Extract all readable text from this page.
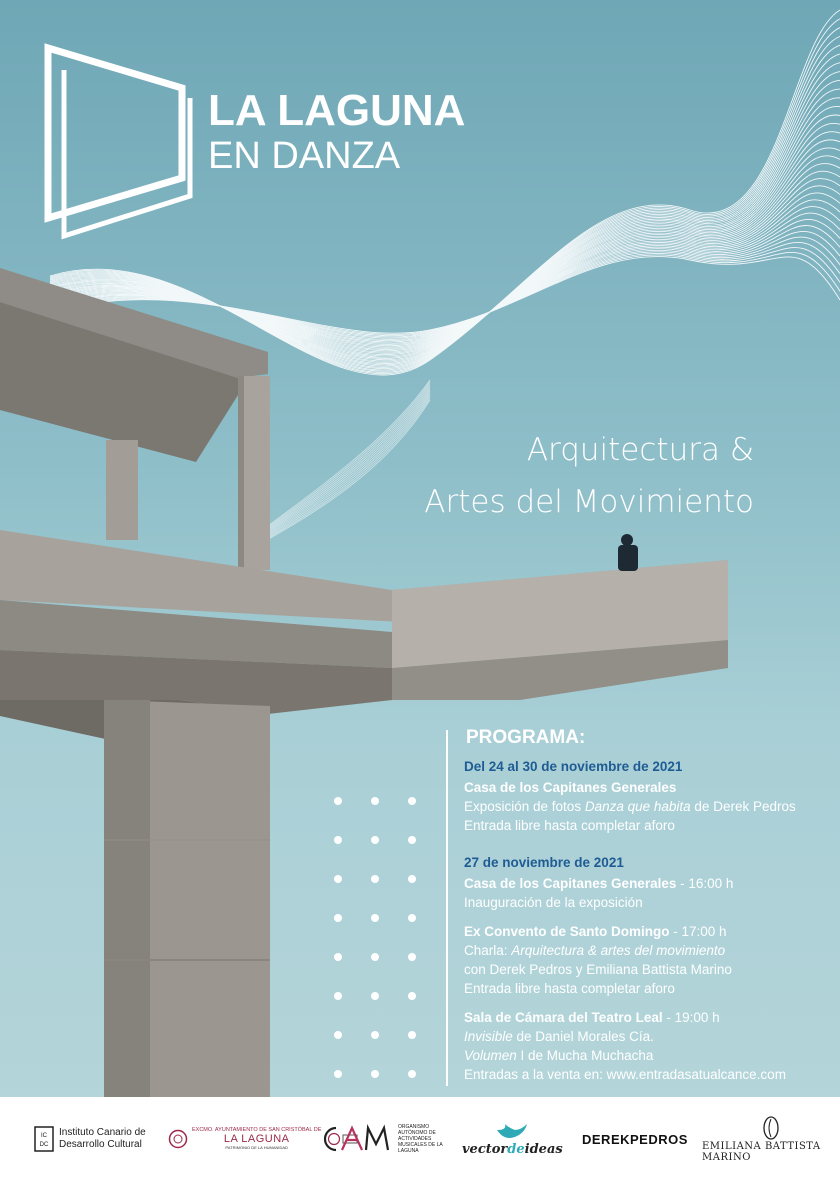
LA LAGUNA
EN DANZA
Arquitectura &
Artes del Movimiento
PROGRAMA:
Del 24 al 30 de noviembre de 2021
Casa de los Capitanes Generales
Exposición de fotos Danza que habita de Derek Pedros
Entrada libre hasta completar aforo
27 de noviembre de 2021
Casa de los Capitanes Generales - 16:00 h
Inauguración de la exposición
Ex Convento de Santo Domingo - 17:00 h
Charla: Arquitectura & artes del movimiento
con Derek Pedros y Emiliana Battista Marino
Entrada libre hasta completar aforo
Sala de Cámara del Teatro Leal - 19:00 h
Invisible de Daniel Morales Cía.
Volumen I de Mucha Muchacha
Entradas a la venta en: www.entradasatualcance.com
IC
DC
Instituto Canario de
Desarrollo Cultural
EXCMO. AYUNTAMIENTO DE SAN CRISTÓBAL DE
LA LAGUNA
PATRIMONIO DE LA HUMANIDAD
ORGANISMO AUTÓNOMO DE ACTIVIDADES MUSICALES DE LA LAGUNA	vectordeideas
DEREKPEDROS EMILIANA BATTISTA MARINO
